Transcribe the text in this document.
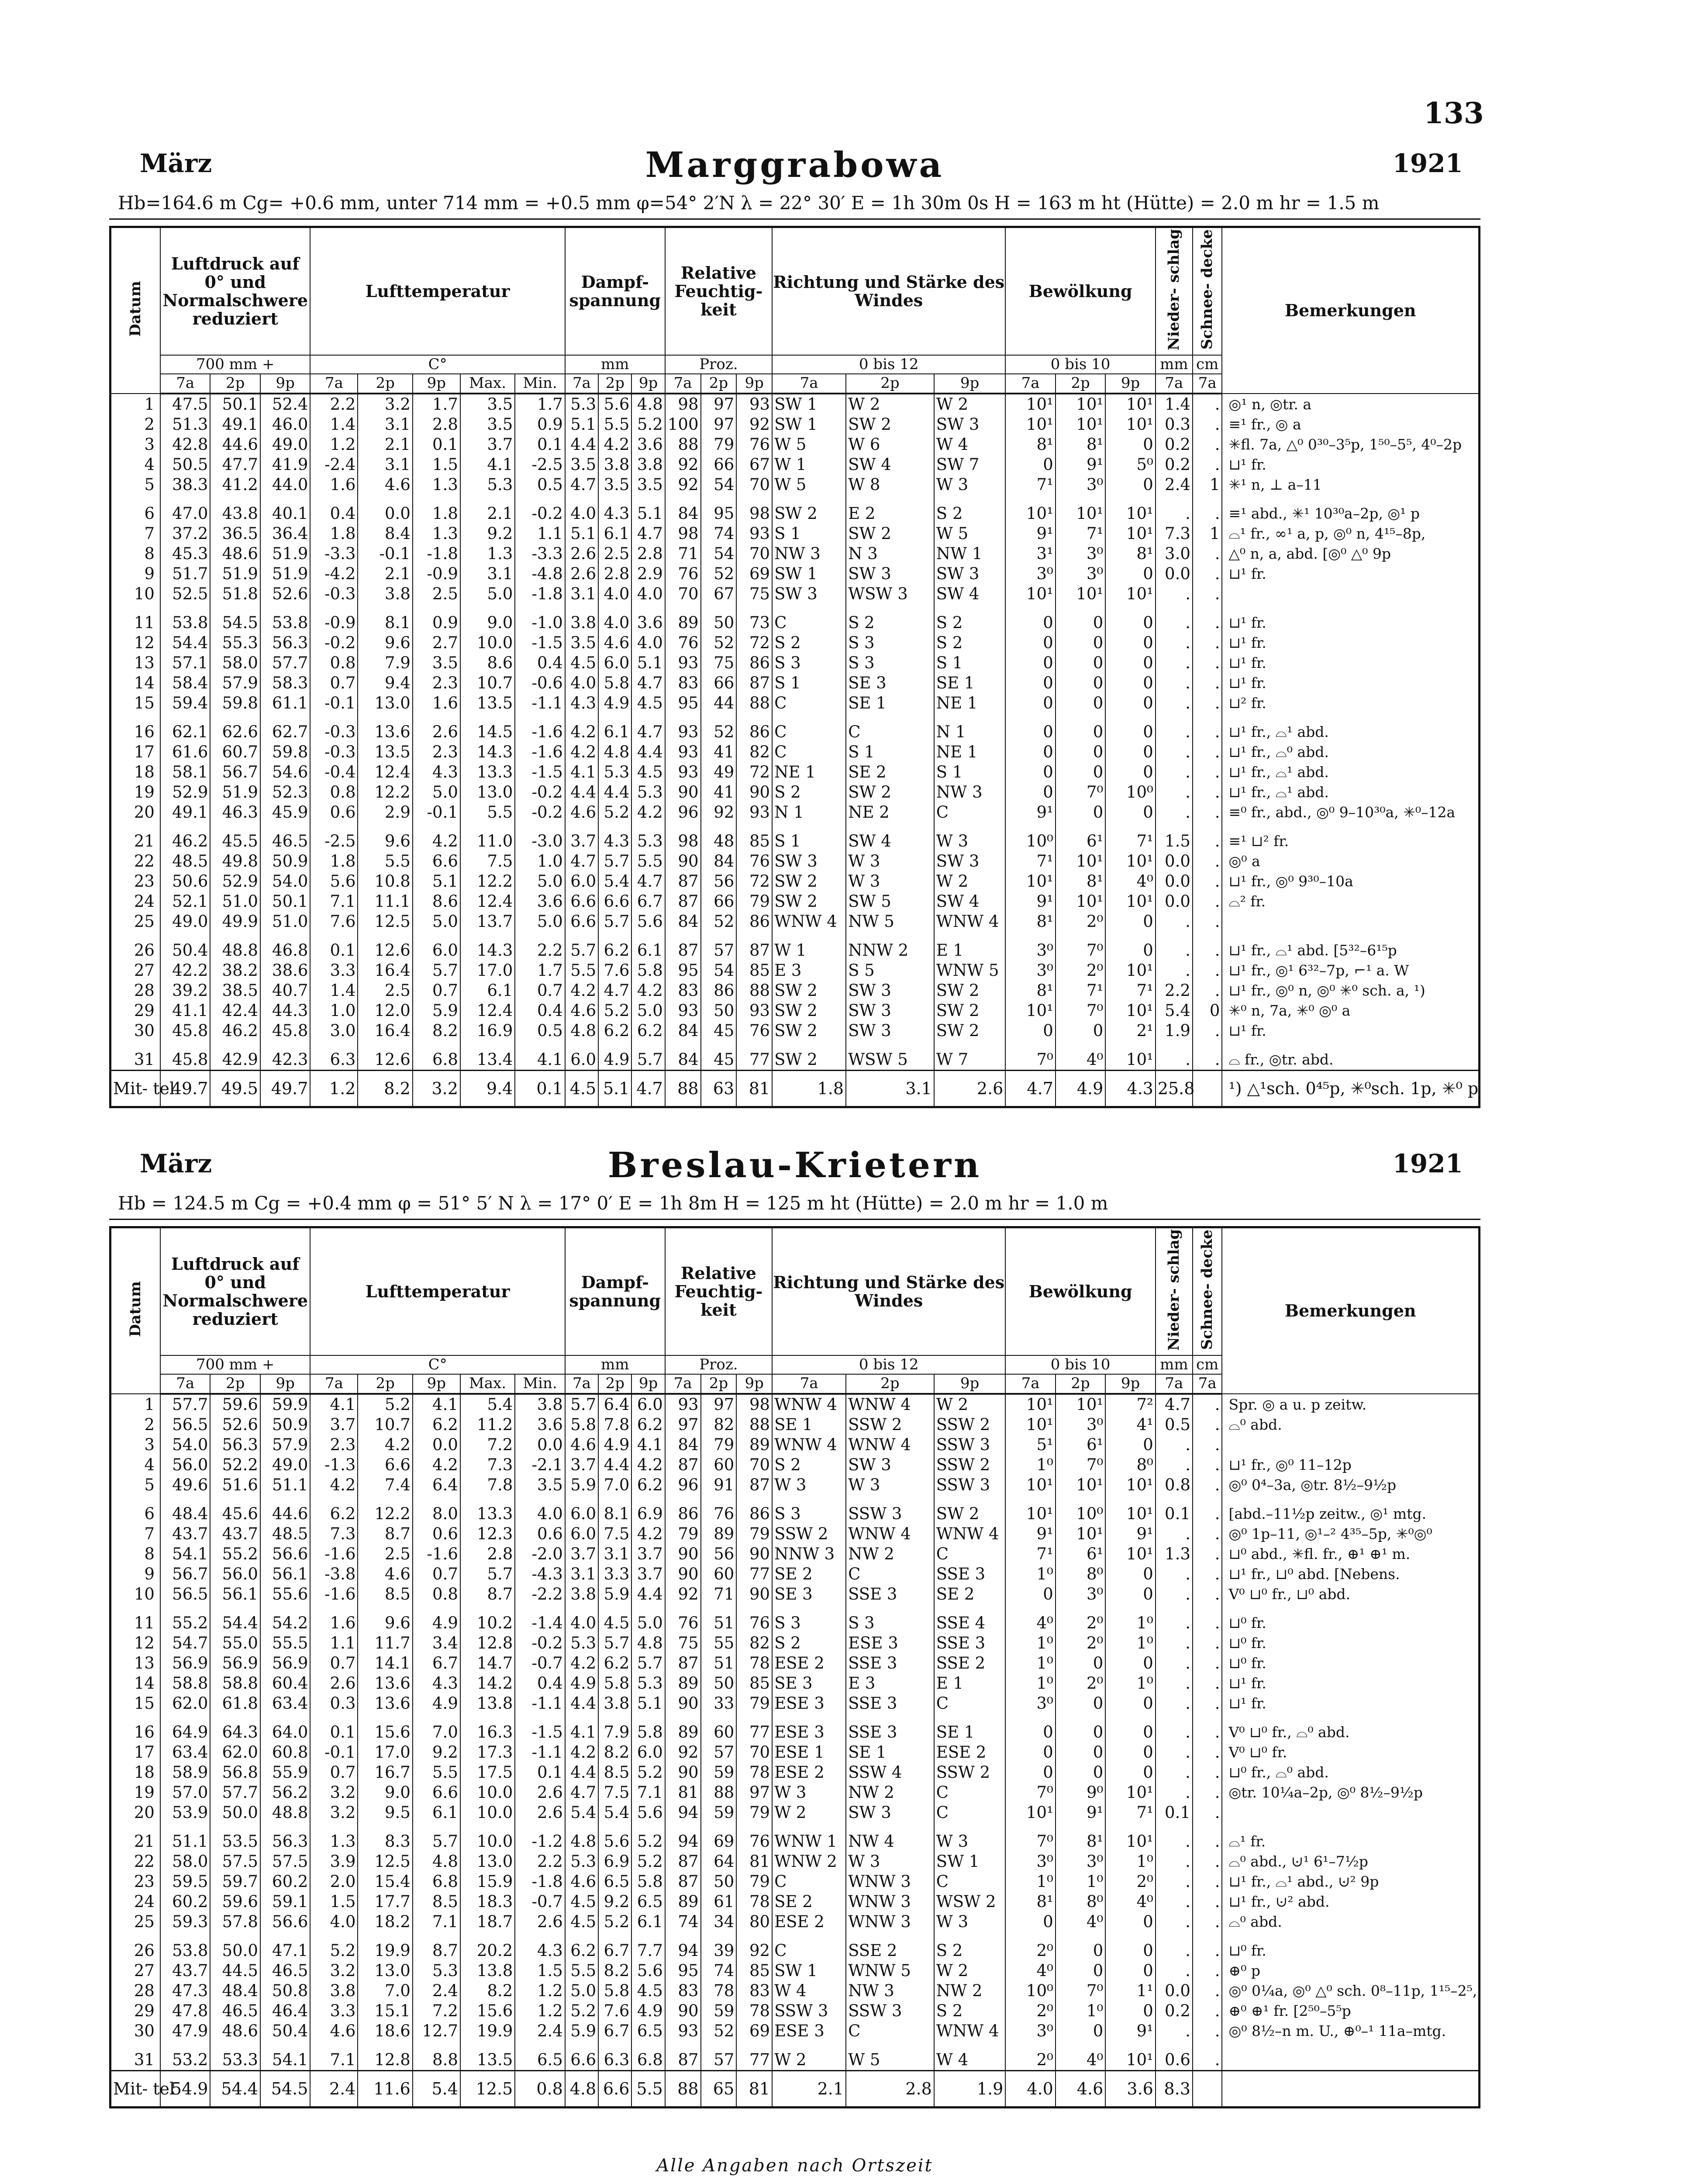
133
März	Marggrabowa	1921
Hb=164.6 m Cg= +0.6 mm, unter 714 mm = +0.5 mm φ=54° 2′N λ = 22° 30′ E = 1h 30m 0s H = 163 m ht (Hütte) = 2.0 m hr = 1.5 m
Datum	Luftdruck auf 0° und Normalschwere reduziert			Lufttemperatur					Dampf- spannung			Relative Feuchtig- keit			Richtung und Stärke des Windes			Bewölkung			Nieder- schlag	Schnee- decke	Bemerkungen
	700 mm +			C°					mm			Proz.			0 bis 12			0 bis 10			mm	cm	
	7a	2p	9p	7a	2p	9p	Max.	Min.	7a	2p	9p	7a	2p	9p	7a	2p	9p	7a	2p	9p	7a	7a	
1	47.5	50.1	52.4	2.2	3.2	1.7	3.5	1.7	5.3	5.6	4.8	98	97	93	SW 1	W 2	W 2	10¹	10¹	10¹	1.4	.	◎¹ n, ◎tr. a
2	51.3	49.1	46.0	1.4	3.1	2.8	3.5	0.9	5.1	5.5	5.2	100	97	92	SW 1	SW 2	SW 3	10¹	10¹	10¹	0.3	.	≡¹ fr., ◎ a
3	42.8	44.6	49.0	1.2	2.1	0.1	3.7	0.1	4.4	4.2	3.6	88	79	76	W 5	W 6	W 4	8¹	8¹	0	0.2	.	✳fl. 7a, △⁰ 0³⁰–3⁵p, 1⁵⁰–5⁵, 4⁰–2p
4	50.5	47.7	41.9	-2.4	3.1	1.5	4.1	-2.5	3.5	3.8	3.8	92	66	67	W 1	SW 4	SW 7	0	9¹	5⁰	0.2	.	⊔¹ fr.
5	38.3	41.2	44.0	1.6	4.6	1.3	5.3	0.5	4.7	3.5	3.5	92	54	70	W 5	W 8	W 3	7¹	3⁰	0	2.4	1	✳¹ n, ⊥ a–11
6	47.0	43.8	40.1	0.4	0.0	1.8	2.1	-0.2	4.0	4.3	5.1	84	95	98	SW 2	E 2	S 2	10¹	10¹	10¹	.	.	≡¹ abd., ✳¹ 10³⁰a–2p, ◎¹ p
7	37.2	36.5	36.4	1.8	8.4	1.3	9.2	1.1	5.1	6.1	4.7	98	74	93	S 1	SW 2	W 5	9¹	7¹	10¹	7.3	1	⌓¹ fr., ∞¹ a, p, ◎⁰ n, 4¹⁵–8p,
8	45.3	48.6	51.9	-3.3	-0.1	-1.8	1.3	-3.3	2.6	2.5	2.8	71	54	70	NW 3	N 3	NW 1	3¹	3⁰	8¹	3.0	.	△⁰ n, a, abd. [◎⁰ △⁰ 9p
9	51.7	51.9	51.9	-4.2	2.1	-0.9	3.1	-4.8	2.6	2.8	2.9	76	52	69	SW 1	SW 3	SW 3	3⁰	3⁰	0	0.0	.	⊔¹ fr.
10	52.5	51.8	52.6	-0.3	3.8	2.5	5.0	-1.8	3.1	4.0	4.0	70	67	75	SW 3	WSW 3	SW 4	10¹	10¹	10¹	.	.	
11	53.8	54.5	53.8	-0.9	8.1	0.9	9.0	-1.0	3.8	4.0	3.6	89	50	73	C	S 2	S 2	0	0	0	.	.	⊔¹ fr.
12	54.4	55.3	56.3	-0.2	9.6	2.7	10.0	-1.5	3.5	4.6	4.0	76	52	72	S 2	S 3	S 2	0	0	0	.	.	⊔¹ fr.
13	57.1	58.0	57.7	0.8	7.9	3.5	8.6	0.4	4.5	6.0	5.1	93	75	86	S 3	S 3	S 1	0	0	0	.	.	⊔¹ fr.
14	58.4	57.9	58.3	0.7	9.4	2.3	10.7	-0.6	4.0	5.8	4.7	83	66	87	S 1	SE 3	SE 1	0	0	0	.	.	⊔¹ fr.
15	59.4	59.8	61.1	-0.1	13.0	1.6	13.5	-1.1	4.3	4.9	4.5	95	44	88	C	SE 1	NE 1	0	0	0	.	.	⊔² fr.
16	62.1	62.6	62.7	-0.3	13.6	2.6	14.5	-1.6	4.2	6.1	4.7	93	52	86	C	C	N 1	0	0	0	.	.	⊔¹ fr., ⌓¹ abd.
17	61.6	60.7	59.8	-0.3	13.5	2.3	14.3	-1.6	4.2	4.8	4.4	93	41	82	C	S 1	NE 1	0	0	0	.	.	⊔¹ fr., ⌓⁰ abd.
18	58.1	56.7	54.6	-0.4	12.4	4.3	13.3	-1.5	4.1	5.3	4.5	93	49	72	NE 1	SE 2	S 1	0	0	0	.	.	⊔¹ fr., ⌓¹ abd.
19	52.9	51.9	52.3	0.8	12.2	5.0	13.0	-0.2	4.4	4.4	5.3	90	41	90	S 2	SW 2	NW 3	0	7⁰	10⁰	.	.	⊔¹ fr., ⌓¹ abd.
20	49.1	46.3	45.9	0.6	2.9	-0.1	5.5	-0.2	4.6	5.2	4.2	96	92	93	N 1	NE 2	C	9¹	0	0	.	.	≡⁰ fr., abd., ◎⁰ 9–10³⁰a, ✳⁰–12a
21	46.2	45.5	46.5	-2.5	9.6	4.2	11.0	-3.0	3.7	4.3	5.3	98	48	85	S 1	SW 4	W 3	10⁰	6¹	7¹	1.5	.	≡¹ ⊔² fr.
22	48.5	49.8	50.9	1.8	5.5	6.6	7.5	1.0	4.7	5.7	5.5	90	84	76	SW 3	W 3	SW 3	7¹	10¹	10¹	0.0	.	◎⁰ a
23	50.6	52.9	54.0	5.6	10.8	5.1	12.2	5.0	6.0	5.4	4.7	87	56	72	SW 2	W 3	W 2	10¹	8¹	4⁰	0.0	.	⊔¹ fr., ◎⁰ 9³⁰–10a
24	52.1	51.0	50.1	7.1	11.1	8.6	12.4	3.6	6.6	6.6	6.7	87	66	79	SW 2	SW 5	SW 4	9¹	10¹	10¹	0.0	.	⌓² fr.
25	49.0	49.9	51.0	7.6	12.5	5.0	13.7	5.0	6.6	5.7	5.6	84	52	86	WNW 4	NW 5	WNW 4	8¹	2⁰	0	.	.	
26	50.4	48.8	46.8	0.1	12.6	6.0	14.3	2.2	5.7	6.2	6.1	87	57	87	W 1	NNW 2	E 1	3⁰	7⁰	0	.	.	⊔¹ fr., ⌓¹ abd. [5³²–6¹⁵p
27	42.2	38.2	38.6	3.3	16.4	5.7	17.0	1.7	5.5	7.6	5.8	95	54	85	E 3	S 5	WNW 5	3⁰	2⁰	10¹	.	.	⊔¹ fr., ◎¹ 6³²–7p, ⌐¹ a. W
28	39.2	38.5	40.7	1.4	2.5	0.7	6.1	0.7	4.2	4.7	4.2	83	86	88	SW 2	SW 3	SW 2	8¹	7¹	7¹	2.2	.	⊔¹ fr., ◎⁰ n, ◎⁰ ✳⁰ sch. a, ¹)
29	41.1	42.4	44.3	1.0	12.0	5.9	12.4	0.4	4.6	5.2	5.0	93	50	93	SW 2	SW 3	SW 2	10¹	7⁰	10¹	5.4	0	✳⁰ n, 7a, ✳⁰ ◎⁰ a
30	45.8	46.2	45.8	3.0	16.4	8.2	16.9	0.5	4.8	6.2	6.2	84	45	76	SW 2	SW 3	SW 2	0	0	2¹	1.9	.	⊔¹ fr.
31	45.8	42.9	42.3	6.3	12.6	6.8	13.4	4.1	6.0	4.9	5.7	84	45	77	SW 2	WSW 5	W 7	7⁰	4⁰	10¹	.	.	⌓ fr., ◎tr. abd.
Mit- tel	49.7	49.5	49.7	1.2	8.2	3.2	9.4	0.1	4.5	5.1	4.7	88	63	81	1.8	3.1	2.6	4.7	4.9	4.3	25.8		¹) △¹sch. 0⁴⁵p, ✳⁰sch. 1p, ✳⁰ p
März	Breslau-Krietern	1921
Hb = 124.5 m Cg = +0.4 mm φ = 51° 5′ N λ = 17° 0′ E = 1h 8m H = 125 m ht (Hütte) = 2.0 m hr = 1.0 m
Datum	Luftdruck auf 0° und Normalschwere reduziert			Lufttemperatur					Dampf- spannung			Relative Feuchtig- keit			Richtung und Stärke des Windes			Bewölkung			Nieder- schlag	Schnee- decke	Bemerkungen
	700 mm +			C°					mm			Proz.			0 bis 12			0 bis 10			mm	cm	
	7a	2p	9p	7a	2p	9p	Max.	Min.	7a	2p	9p	7a	2p	9p	7a	2p	9p	7a	2p	9p	7a	7a	
1	57.7	59.6	59.9	4.1	5.2	4.1	5.4	3.8	5.7	6.4	6.0	93	97	98	WNW 4	WNW 4	W 2	10¹	10¹	7²	4.7	.	Spr. ◎ a u. p zeitw.
2	56.5	52.6	50.9	3.7	10.7	6.2	11.2	3.6	5.8	7.8	6.2	97	82	88	SE 1	SSW 2	SSW 2	10¹	3⁰	4¹	0.5	.	⌓⁰ abd.
3	54.0	56.3	57.9	2.3	4.2	0.0	7.2	0.0	4.6	4.9	4.1	84	79	89	WNW 4	WNW 4	SSW 3	5¹	6¹	0	.	.	
4	56.0	52.2	49.0	-1.3	6.6	4.2	7.3	-2.1	3.7	4.4	4.2	87	60	70	S 2	SW 3	SSW 2	1⁰	7⁰	8⁰	.	.	⊔¹ fr., ◎⁰ 11–12p
5	49.6	51.6	51.1	4.2	7.4	6.4	7.8	3.5	5.9	7.0	6.2	96	91	87	W 3	W 3	SSW 3	10¹	10¹	10¹	0.8	.	◎⁰ 0⁴–3a, ◎tr. 8½–9½p
6	48.4	45.6	44.6	6.2	12.2	8.0	13.3	4.0	6.0	8.1	6.9	86	76	86	S 3	SSW 3	SW 2	10¹	10⁰	10¹	0.1	.	[abd.–11½p zeitw., ◎¹ mtg.
7	43.7	43.7	48.5	7.3	8.7	0.6	12.3	0.6	6.0	7.5	4.2	79	89	79	SSW 2	WNW 4	WNW 4	9¹	10¹	9¹	.	.	◎⁰ 1p–11, ◎¹–² 4³⁵–5p, ✳⁰◎⁰
8	54.1	55.2	56.6	-1.6	2.5	-1.6	2.8	-2.0	3.7	3.1	3.7	90	56	90	NNW 3	NW 2	C	7¹	6¹	10¹	1.3	.	⊔⁰ abd., ✳fl. fr., ⊕¹ ⊕¹ m.
9	56.7	56.0	56.1	-3.8	4.6	0.7	5.7	-4.3	3.1	3.3	3.7	90	60	77	SE 2	C	SSE 3	1⁰	8⁰	0	.	.	⊔¹ fr., ⊔⁰ abd. [Nebens.
10	56.5	56.1	55.6	-1.6	8.5	0.8	8.7	-2.2	3.8	5.9	4.4	92	71	90	SE 3	SSE 3	SE 2	0	3⁰	0	.	.	V⁰ ⊔⁰ fr., ⊔⁰ abd.
11	55.2	54.4	54.2	1.6	9.6	4.9	10.2	-1.4	4.0	4.5	5.0	76	51	76	S 3	S 3	SSE 4	4⁰	2⁰	1⁰	.	.	⊔⁰ fr.
12	54.7	55.0	55.5	1.1	11.7	3.4	12.8	-0.2	5.3	5.7	4.8	75	55	82	S 2	ESE 3	SSE 3	1⁰	2⁰	1⁰	.	.	⊔⁰ fr.
13	56.9	56.9	56.9	0.7	14.1	6.7	14.7	-0.7	4.2	6.2	5.7	87	51	78	ESE 2	SSE 3	SSE 2	1⁰	0	0	.	.	⊔⁰ fr.
14	58.8	58.8	60.4	2.6	13.6	4.3	14.2	0.4	4.9	5.8	5.3	89	50	85	SE 3	E 3	E 1	1⁰	2⁰	1⁰	.	.	⊔¹ fr.
15	62.0	61.8	63.4	0.3	13.6	4.9	13.8	-1.1	4.4	3.8	5.1	90	33	79	ESE 3	SSE 3	C	3⁰	0	0	.	.	⊔¹ fr.
16	64.9	64.3	64.0	0.1	15.6	7.0	16.3	-1.5	4.1	7.9	5.8	89	60	77	ESE 3	SSE 3	SE 1	0	0	0	.	.	V⁰ ⊔⁰ fr., ⌓⁰ abd.
17	63.4	62.0	60.8	-0.1	17.0	9.2	17.3	-1.1	4.2	8.2	6.0	92	57	70	ESE 1	SE 1	ESE 2	0	0	0	.	.	V⁰ ⊔⁰ fr.
18	58.9	56.8	55.9	0.7	16.7	5.5	17.5	0.1	4.4	8.5	5.2	90	59	78	ESE 2	SSW 4	SSW 2	0	0	0	.	.	⊔⁰ fr., ⌓⁰ abd.
19	57.0	57.7	56.2	3.2	9.0	6.6	10.0	2.6	4.7	7.5	7.1	81	88	97	W 3	NW 2	C	7⁰	9⁰	10¹	.	.	◎tr. 10¼a–2p, ◎⁰ 8½–9½p
20	53.9	50.0	48.8	3.2	9.5	6.1	10.0	2.6	5.4	5.4	5.6	94	59	79	W 2	SW 3	C	10¹	9¹	7¹	0.1	.	
21	51.1	53.5	56.3	1.3	8.3	5.7	10.0	-1.2	4.8	5.6	5.2	94	69	76	WNW 1	NW 4	W 3	7⁰	8¹	10¹	.	.	⌓¹ fr.
22	58.0	57.5	57.5	3.9	12.5	4.8	13.0	2.2	5.3	6.9	5.2	87	64	81	WNW 2	W 3	SW 1	3⁰	3⁰	1⁰	.	.	⌓⁰ abd., ⊍¹ 6¹–7½p
23	59.5	59.7	60.2	2.0	15.4	6.8	15.9	-1.8	4.6	6.5	5.8	87	50	79	C	WNW 3	C	1⁰	1⁰	2⁰	.	.	⊔¹ fr., ⌓¹ abd., ⊍² 9p
24	60.2	59.6	59.1	1.5	17.7	8.5	18.3	-0.7	4.5	9.2	6.5	89	61	78	SE 2	WNW 3	WSW 2	8¹	8⁰	4⁰	.	.	⊔¹ fr., ⊍² abd.
25	59.3	57.8	56.6	4.0	18.2	7.1	18.7	2.6	4.5	5.2	6.1	74	34	80	ESE 2	WNW 3	W 3	0	4⁰	0	.	.	⌓⁰ abd.
26	53.8	50.0	47.1	5.2	19.9	8.7	20.2	4.3	6.2	6.7	7.7	94	39	92	C	SSE 2	S 2	2⁰	0	0	.	.	⊔⁰ fr.
27	43.7	44.5	46.5	3.2	13.0	5.3	13.8	1.5	5.5	8.2	5.6	95	74	85	SW 1	WNW 5	W 2	4⁰	0	0	.	.	⊕⁰ p
28	47.3	48.4	50.8	3.8	7.0	2.4	8.2	1.2	5.0	5.8	4.5	83	78	83	W 4	NW 3	NW 2	10⁰	7⁰	1¹	0.0	.	◎⁰ 0¼a, ◎⁰ △⁰ sch. 0⁸–11p, 1¹⁵–2⁵,
29	47.8	46.5	46.4	3.3	15.1	7.2	15.6	1.2	5.2	7.6	4.9	90	59	78	SSW 3	SSW 3	S 2	2⁰	1⁰	0	0.2	.	⊕⁰ ⊕¹ fr. [2⁵⁰–5⁵p
30	47.9	48.6	50.4	4.6	18.6	12.7	19.9	2.4	5.9	6.7	6.5	93	52	69	ESE 3	C	WNW 4	3⁰	0	9¹	.	.	◎⁰ 8½–n m. U., ⊕⁰–¹ 11a–mtg.
31	53.2	53.3	54.1	7.1	12.8	8.8	13.5	6.5	6.6	6.3	6.8	87	57	77	W 2	W 5	W 4	2⁰	4⁰	10¹	0.6	.	
Mit- tel	54.9	54.4	54.5	2.4	11.6	5.4	12.5	0.8	4.8	6.6	5.5	88	65	81	2.1	2.8	1.9	4.0	4.6	3.6	8.3		
Alle Angaben nach Ortszeit
